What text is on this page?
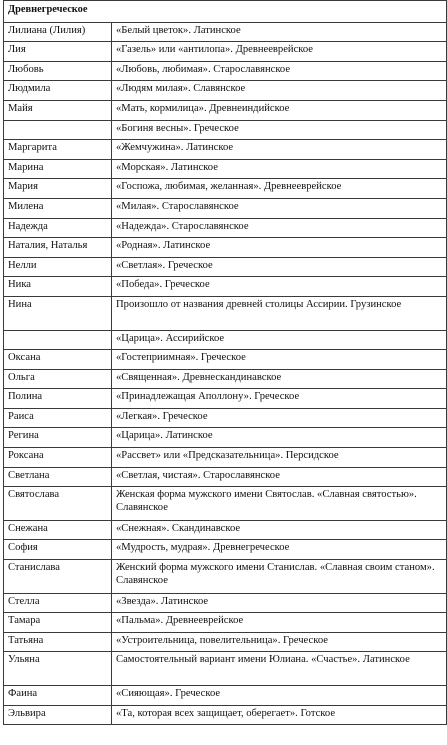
Древнегреческое	
Лилиана (Лилия)	«Белый цветок». Латинское
Лия	«Газель» или «антилопа». Древнееврейское
Любовь	«Любовь, любимая». Старославянское
Людмила	«Людям милая». Славянское
Майя	«Мать, кормилица». Древнеиндийское
	«Богиня весны». Греческое
Маргарита	«Жемчужина». Латинское
Марина	«Морская». Латинское
Мария	«Госпожа, любимая, желанная». Древнееврейское
Милена	«Милая». Старославянское
Надежда	«Надежда». Старославянское
Наталия, Наталья	«Родная». Латинское
Нелли	«Светлая». Греческое
Ника	«Победа». Греческое
Нина	Произошло от названия древней столицы Ассирии. Грузинское
	«Царица». Ассирийское
Оксана	«Гостеприимная». Греческое
Ольга	«Священная». Древнескандинавское
Полина	«Принадлежащая Аполлону». Греческое
Раиса	«Легкая». Греческое
Регина	«Царица». Латинское
Роксана	«Рассвет» или «Предсказательница». Персидское
Светлана	«Светлая, чистая». Старославянское
Святослава	Женская форма мужского имени Святослав. «Славная святостью». Славянское
Снежана	«Снежная». Скандинавское
София	«Мудрость, мудрая». Древнегреческое
Станислава	Женский форма мужского имени Станислав. «Славная своим станом». Славянское
Стелла	«Звезда». Латинское
Тамара	«Пальма». Древнееврейское
Татьяна	«Устроительница, повелительница». Греческое
Ульяна	Самостоятельный вариант имени Юлиана. «Счастье». Латинское
Фаина	«Сияющая». Греческое
Эльвира	«Та, которая всех защищает, оберегает». Готское
